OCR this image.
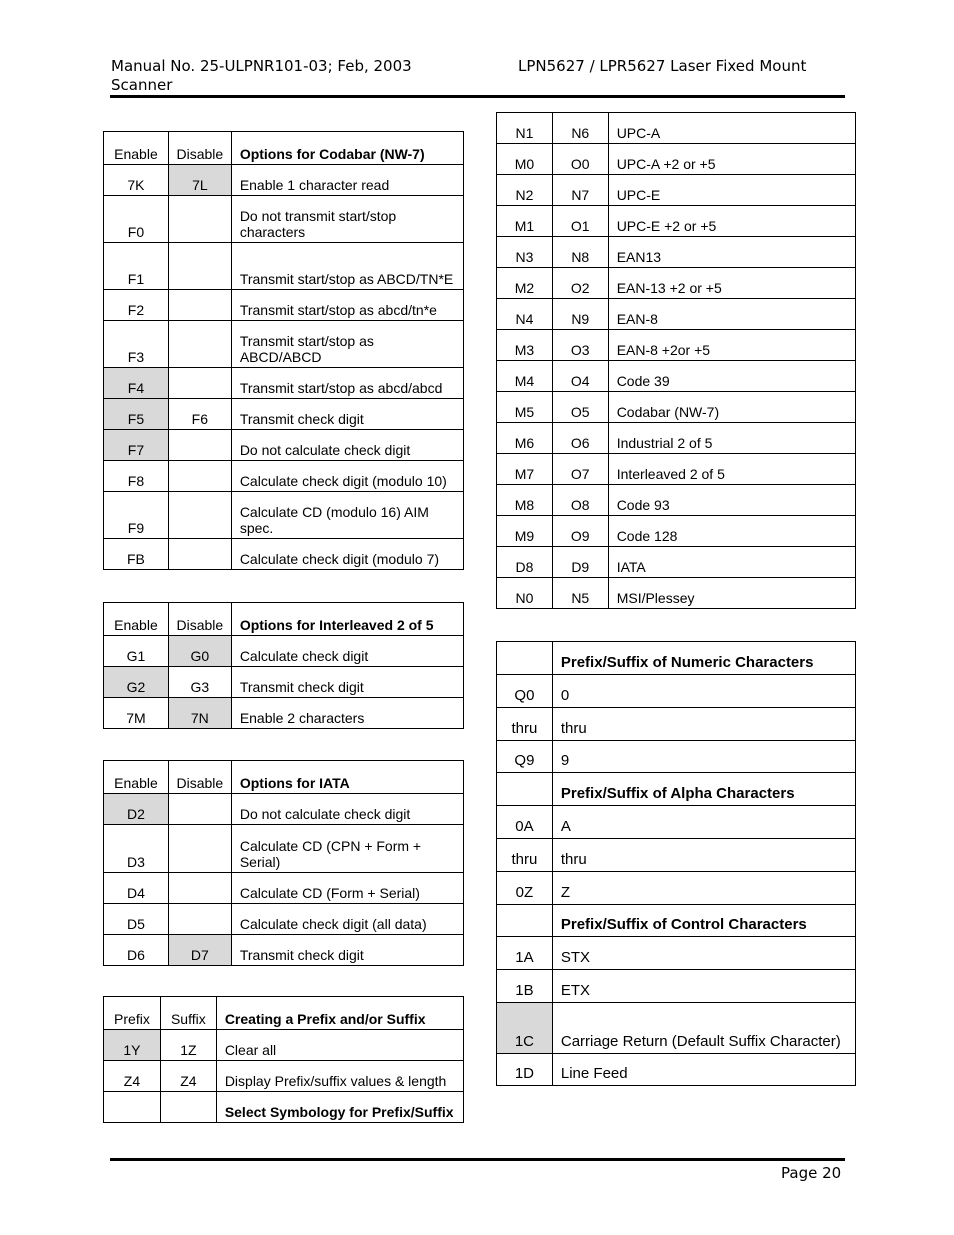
Manual No. 25-ULPNR101-03; Feb, 2003
Scanner
LPN5627 / LPR5627 Laser Fixed Mount
Enable	Disable	Options for Codabar (NW-7)
7K	7L	Enable 1 character read
F0		Do not transmit start/stop characters
F1		Transmit start/stop as ABCD/TN*E
F2		Transmit start/stop as abcd/tn*e
F3		Transmit start/stop as ABCD/ABCD
F4		Transmit start/stop as abcd/abcd
F5	F6	Transmit check digit
F7		Do not calculate check digit
F8		Calculate check digit (modulo 10)
F9		Calculate CD (modulo 16) AIM spec.
FB		Calculate check digit (modulo 7)
Enable	Disable	Options for Interleaved 2 of 5
G1	G0	Calculate check digit
G2	G3	Transmit check digit
7M	7N	Enable 2 characters
Enable	Disable	Options for IATA
D2		Do not calculate check digit
D3		Calculate CD (CPN + Form + Serial)
D4		Calculate CD (Form + Serial)
D5		Calculate check digit (all data)
D6	D7	Transmit check digit
Prefix	Suffix	Creating a Prefix and/or Suffix
1Y	1Z	Clear all
Z4	Z4	Display Prefix/suffix values & length
		Select Symbology for Prefix/Suffix
N1	N6	UPC-A
M0	O0	UPC-A +2 or +5
N2	N7	UPC-E
M1	O1	UPC-E +2 or +5
N3	N8	EAN13
M2	O2	EAN-13 +2 or +5
N4	N9	EAN-8
M3	O3	EAN-8 +2or +5
M4	O4	Code 39
M5	O5	Codabar (NW-7)
M6	O6	Industrial 2 of 5
M7	O7	Interleaved 2 of 5
M8	O8	Code 93
M9	O9	Code 128
D8	D9	IATA
N0	N5	MSI/Plessey
	Prefix/Suffix of Numeric Characters
Q0	0
thru	thru
Q9	9
	Prefix/Suffix of Alpha Characters
0A	A
thru	thru
0Z	Z
	Prefix/Suffix of Control Characters
1A	STX
1B	ETX
1C	Carriage Return (Default Suffix Character)
1D	Line Feed
Page 20
